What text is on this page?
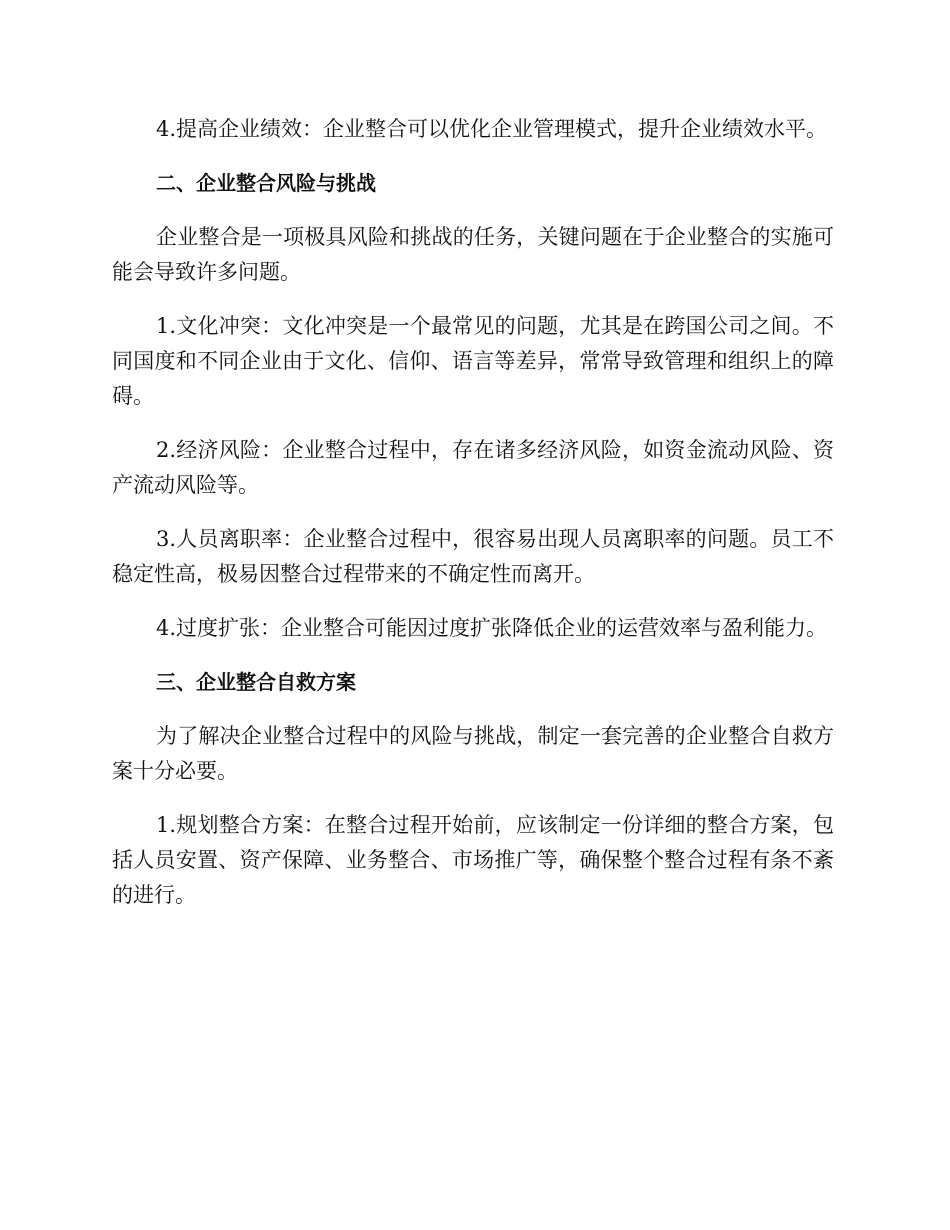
4.提高企业绩效：企业整合可以优化企业管理模式，提升企业绩效水平。

二、企业整合风险与挑战

企业整合是一项极具风险和挑战的任务，关键问题在于企业整合的实施可能会导致许多问题。

1.文化冲突：文化冲突是一个最常见的问题，尤其是在跨国公司之间。不同国度和不同企业由于文化、信仰、语言等差异，常常导致管理和组织上的障碍。

2.经济风险：企业整合过程中，存在诸多经济风险，如资金流动风险、资产流动风险等。

3.人员离职率：企业整合过程中，很容易出现人员离职率的问题。员工不稳定性高，极易因整合过程带来的不确定性而离开。

4.过度扩张：企业整合可能因过度扩张降低企业的运营效率与盈利能力。

三、企业整合自救方案

为了解决企业整合过程中的风险与挑战，制定一套完善的企业整合自救方案十分必要。

1.规划整合方案：在整合过程开始前，应该制定一份详细的整合方案，包括人员安置、资产保障、业务整合、市场推广等，确保整个整合过程有条不紊的进行。
